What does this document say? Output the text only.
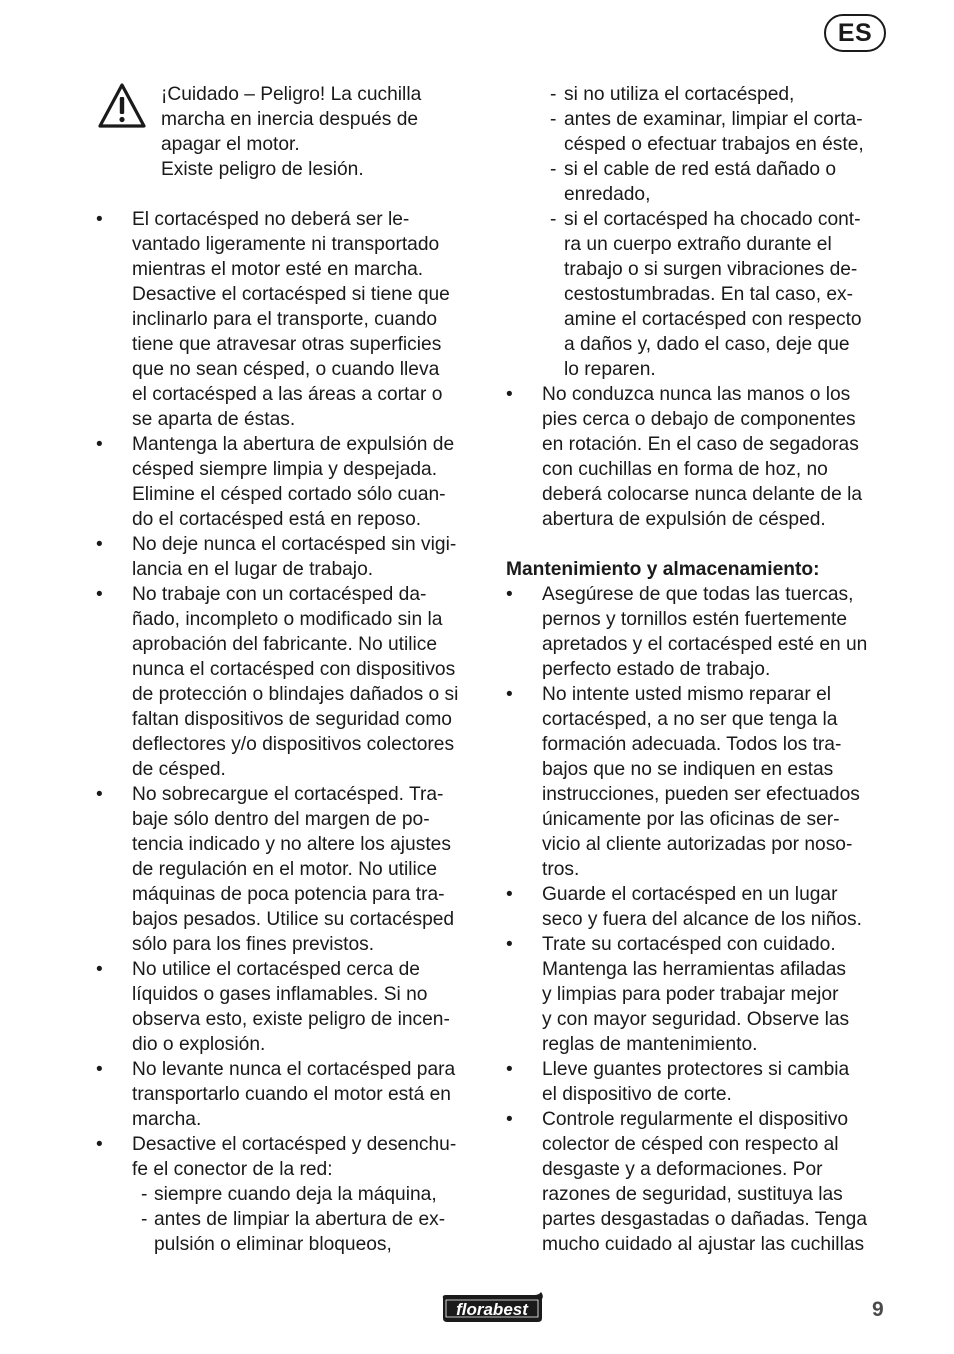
ES
¡Cuidado – Peligro! La cuchilla
marcha en inercia después de
apagar el motor.
Existe peligro de lesión.
• El cortacésped no deberá ser le-
vantado ligeramente ni transportado
mientras el motor esté en marcha.
Desactive el cortacésped si tiene que
inclinarlo para el transporte, cuando
tiene que atravesar otras superficies
que no sean césped, o cuando lleva
el cortacésped a las áreas a cortar o
se aparta de éstas.
• Mantenga la abertura de expulsión de
césped siempre limpia y despejada.
Elimine el césped cortado sólo cuan-
do el cortacésped está en reposo.
• No deje nunca el cortacésped sin vigi-
lancia en el lugar de trabajo.
• No trabaje con un cortacésped da-
ñado, incompleto o modificado sin la
aprobación del fabricante. No utilice
nunca el cortacésped con dispositivos
de protección o blindajes dañados o si
faltan dispositivos de seguridad como
deflectores y/o dispositivos colectores
de césped.
• No sobrecargue el cortacésped. Tra-
baje sólo dentro del margen de po-
tencia indicado y no altere los ajustes
de regulación en el motor. No utilice
máquinas de poca potencia para tra-
bajos pesados. Utilice su cortacésped
sólo para los fines previstos.
• No utilice el cortacésped cerca de
líquidos o gases inflamables. Si no
observa esto, existe peligro de incen-
dio o explosión.
• No levante nunca el cortacésped para
transportarlo cuando el motor está en
marcha.
• Desactive el cortacésped y desenchu-
fe el conector de la red:
- siempre cuando deja la máquina,
- antes de limpiar la abertura de ex-
pulsión o eliminar bloqueos,
- si no utiliza el cortacésped,
- antes de examinar, limpiar el corta-
césped o efectuar trabajos en éste,
- si el cable de red está dañado o
enredado,
- si el cortacésped ha chocado cont-
ra un cuerpo extraño durante el
trabajo o si surgen vibraciones de-
cestostumbradas. En tal caso, ex-
amine el cortacésped con respecto
a daños y, dado el caso, deje que
lo reparen.
• No conduzca nunca las manos o los
pies cerca o debajo de componentes
en rotación. En el caso de segadoras
con cuchillas en forma de hoz, no
deberá colocarse nunca delante de la
abertura de expulsión de césped.
Mantenimiento y almacenamiento:
• Asegúrese de que todas las tuercas,
pernos y tornillos estén fuertemente
apretados y el cortacésped esté en un
perfecto estado de trabajo.
• No intente usted mismo reparar el
cortacésped, a no ser que tenga la
formación adecuada. Todos los tra-
bajos que no se indiquen en estas
instrucciones, pueden ser efectuados
únicamente por las oficinas de ser-
vicio al cliente autorizadas por noso-
tros.
• Guarde el cortacésped en un lugar
seco y fuera del alcance de los niños.
• Trate su cortacésped con cuidado.
Mantenga las herramientas afiladas
y limpias para poder trabajar mejor
y con mayor seguridad. Observe las
reglas de mantenimiento.
• Lleve guantes protectores si cambia
el dispositivo de corte.
• Controle regularmente el dispositivo
colector de césped con respecto al
desgaste y a deformaciones. Por
razones de seguridad, sustituya las
partes desgastadas o dañadas. Tenga
mucho cuidado al ajustar las cuchillas
florabest	9
